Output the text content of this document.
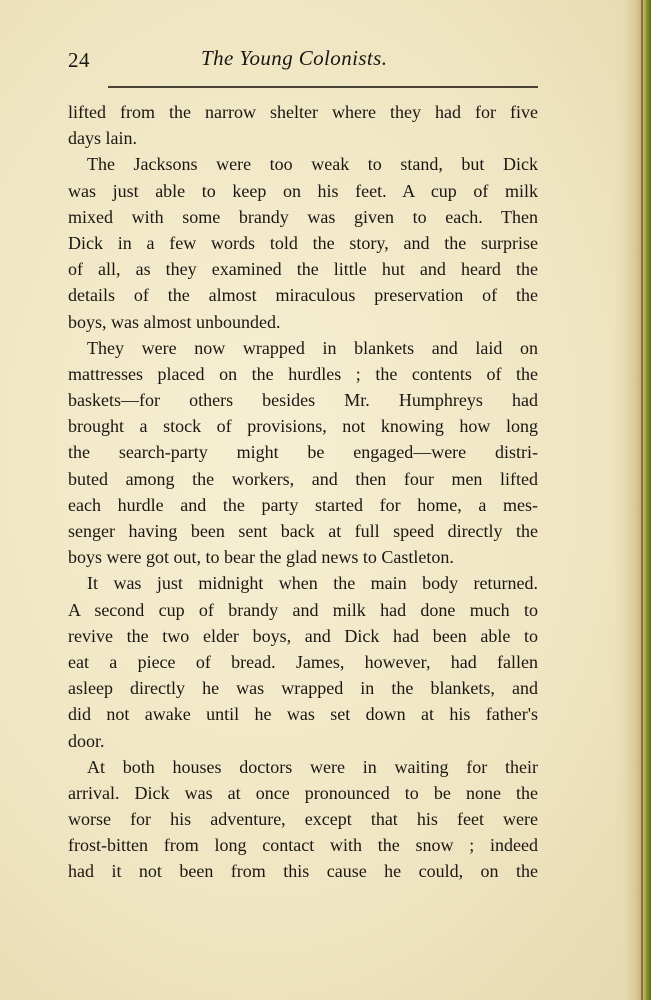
24	The Young Colonists.
lifted from the narrow shelter where they had for five
days lain.
The Jacksons were too weak to stand, but Dick
was just able to keep on his feet. A cup of milk
mixed with some brandy was given to each. Then
Dick in a few words told the story, and the surprise
of all, as they examined the little hut and heard the
details of the almost miraculous preservation of the
boys, was almost unbounded.
They were now wrapped in blankets and laid on
mattresses placed on the hurdles ; the contents of the
baskets—for others besides Mr. Humphreys had
brought a stock of provisions, not knowing how long
the search-party might be engaged—were distri-
buted among the workers, and then four men lifted
each hurdle and the party started for home, a mes-
senger having been sent back at full speed directly the
boys were got out, to bear the glad news to Castleton.
It was just midnight when the main body returned.
A second cup of brandy and milk had done much to
revive the two elder boys, and Dick had been able to
eat a piece of bread. James, however, had fallen
asleep directly he was wrapped in the blankets, and
did not awake until he was set down at his father's
door.
At both houses doctors were in waiting for their
arrival. Dick was at once pronounced to be none the
worse for his adventure, except that his feet were
frost-bitten from long contact with the snow ; indeed
had it not been from this cause he could, on the
